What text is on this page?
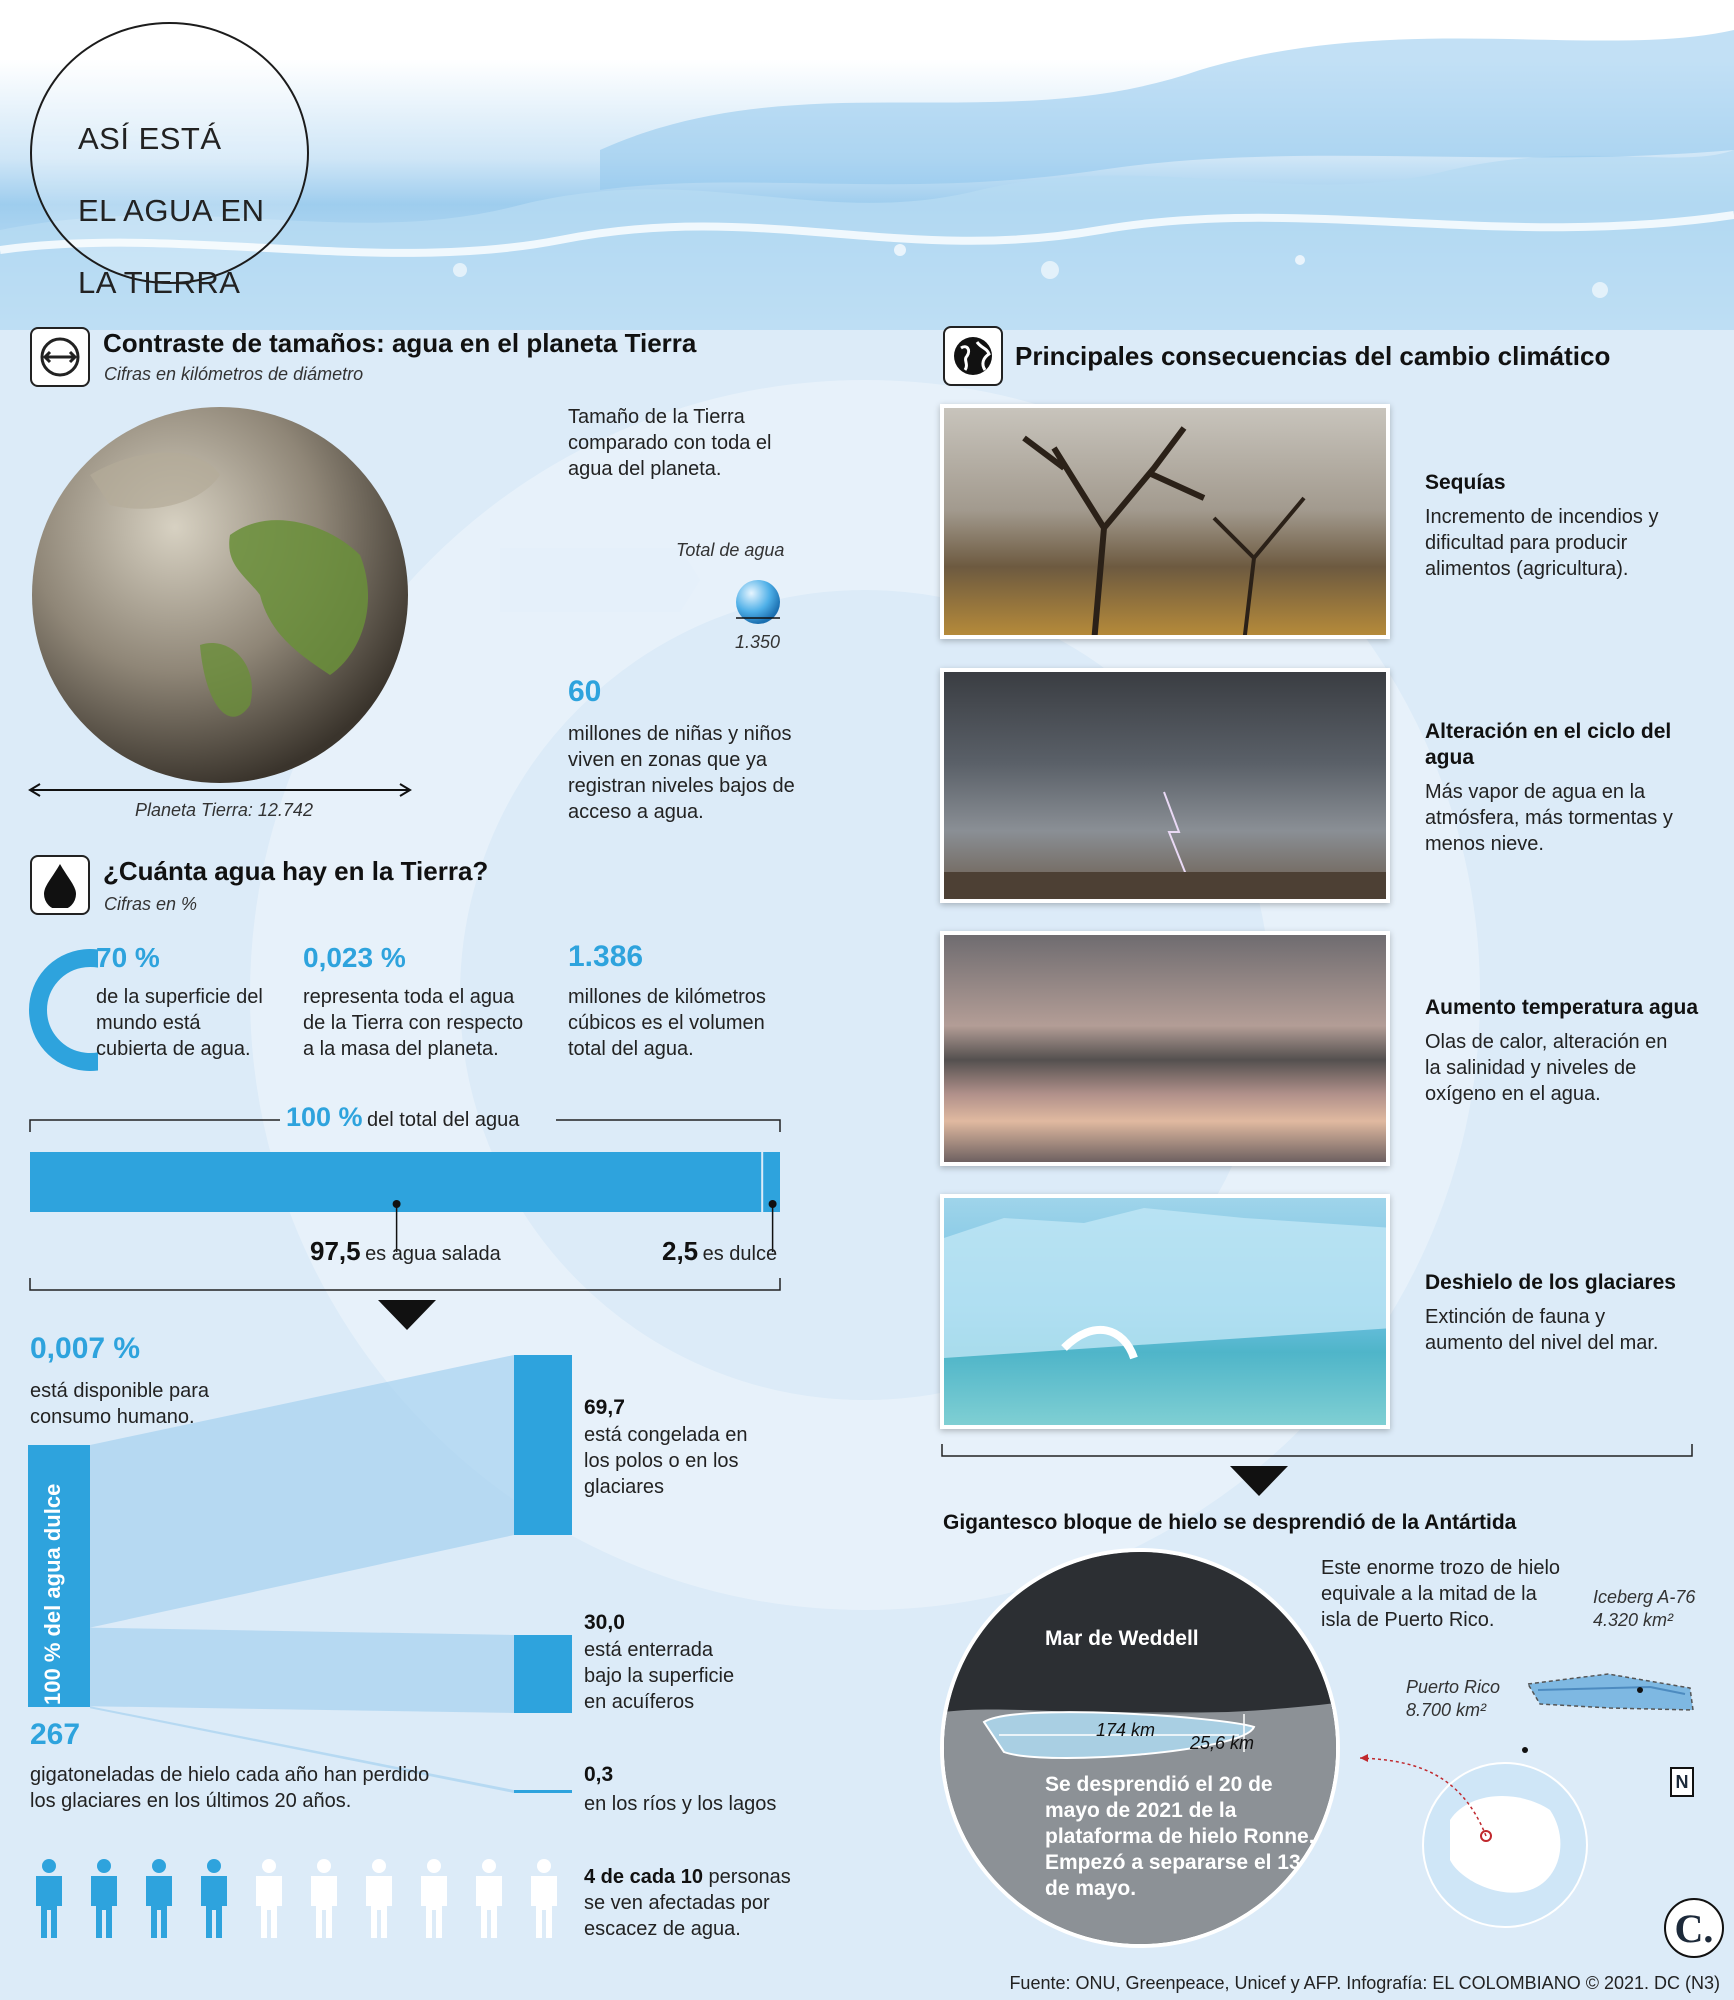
ASÍ ESTÁ

EL AGUA EN

LA TIERRA

Contraste de tamaños: agua en el planeta Tierra
Cifras en kilómetros de diámetro
Planeta Tierra: 12.742
Tamaño de la Tierra comparado con toda el agua del planeta.
Total de agua
1.350
60
millones de niñas y niños viven en zonas que ya registran niveles bajos de acceso a agua.
¿Cuánta agua hay en la Tierra?
Cifras en %
70 %
de la superficie del mundo está cubierta de agua.
0,023 %
representa toda el agua de la Tierra con respecto a la masa del planeta.
1.386
millones de kilómetros cúbicos es el volumen total del agua.
100 % del total del agua
97,5 es agua salada	2,5 es dulce
0,007 %
está disponible para consumo humano.	69,7
está congelada en los polos o en los glaciares
30,0
está enterrada bajo la superficie en acuíferos
0,3
en los ríos y los lagos
267
gigatoneladas de hielo cada año han perdido los glaciares en los últimos 20 años.
4 de cada 10 personas se ven afectadas por escacez de agua.
Principales consecuencias del cambio climático
Sequías
Incremento de incendios y dificultad para producir alimentos (agricultura).
Alteración en el ciclo del agua
Más vapor de agua en la atmósfera, más tormentas y menos nieve.
Aumento temperatura agua
Olas de calor, alteración en la salinidad y niveles de oxígeno en el agua.
Deshielo de los glaciares
Extinción de fauna y aumento del nivel del mar.
Gigantesco bloque de hielo se desprendió de la Antártida
Mar de Weddell
174 km
25,6 km
Se desprendió el 20 de mayo de 2021 de la plataforma de hielo Ronne. Empezó a separarse el 13 de mayo.
Este enorme trozo de hielo equivale a la mitad de la isla de Puerto Rico.
Iceberg A-76
4.320 km²
Puerto Rico
8.700 km²
N
C.
Fuente: ONU, Greenpeace, Unicef y AFP. Infografía: EL COLOMBIANO © 2021. DC (N3)
